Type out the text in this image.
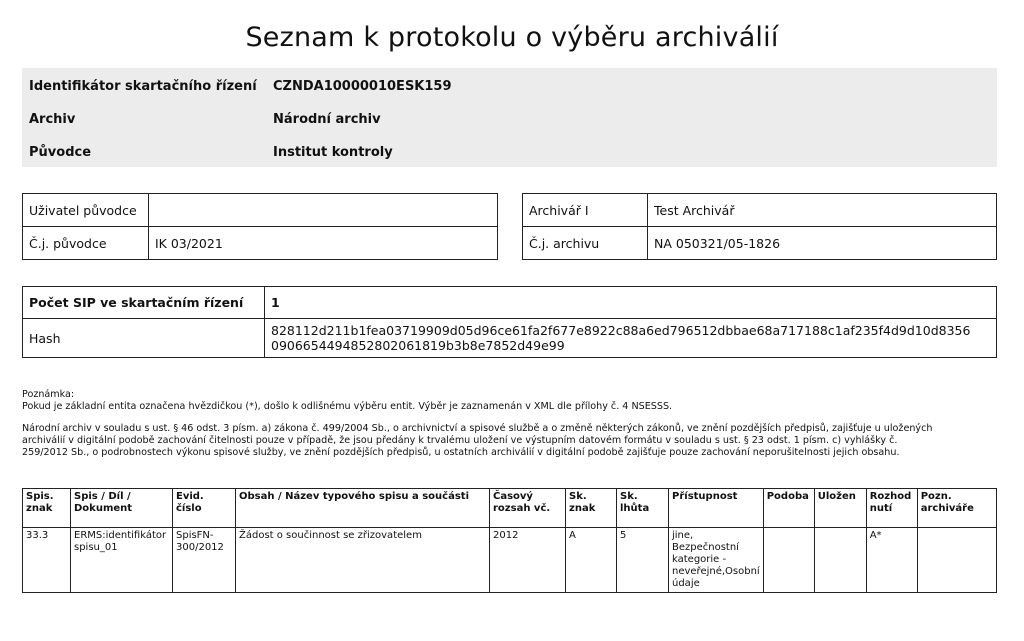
Seznam k protokolu o výběru archiválií
Identifikátor skartačního řízení CZNDA10000010ESK159
Archiv	Národní archiv
Původce	Institut kontroly
Uživatel původce	
Č.j. původce	IK 03/2021
Archivář I	Test Archivář
Č.j. archivu	NA 050321/05-1826
Počet SIP ve skartačním řízení	1
Hash	828112d211b1fea03719909d05d96ce61fa2f677e8922c88a6ed796512dbbae68a717188c1af235f4d9d10d8356
090665449485280206181​9b3b8e7852d49e99
Poznámka:
Pokud je základní entita označena hvězdičkou (*), došlo k odlišnému výběru entit. Výběr je zaznamenán v XML dle přílohy č. 4 NSESSS.
Národní archiv v souladu s ust. § 46 odst. 3 písm. a) zákona č. 499/2004 Sb., o archivnictví a spisové službě a o změně některých zákonů, ve znění pozdějších předpisů, zajišťuje u uložených
archiválií v digitální podobě zachování čitelnosti pouze v případě, že jsou předány k trvalému uložení ve výstupním datovém formátu v souladu s ust. § 23 odst. 1 písm. c) vyhlášky č.
259/2012 Sb., o podrobnostech výkonu spisové služby, ve znění pozdějších předpisů, u ostatních archiválií v digitální podobě zajišťuje pouze zachování neporušitelnosti jejich obsahu.
Spis. znak	Spis / Díl / Dokument	Evid. číslo	Obsah / Název typového spisu a součásti	Časový rozsah vč.	Sk. znak	Sk. lhůta	Přístupnost	Podoba	Uložen	Rozhod nutí	Pozn. archiváře
33.3	ERMS:identifikátor spisu_01	SpisFN-300/2012	Žádost o součinnost se zřizovatelem	2012	A	5	jine, Bezpečnostní kategorie - neveřejné,Osobní údaje			A*	
